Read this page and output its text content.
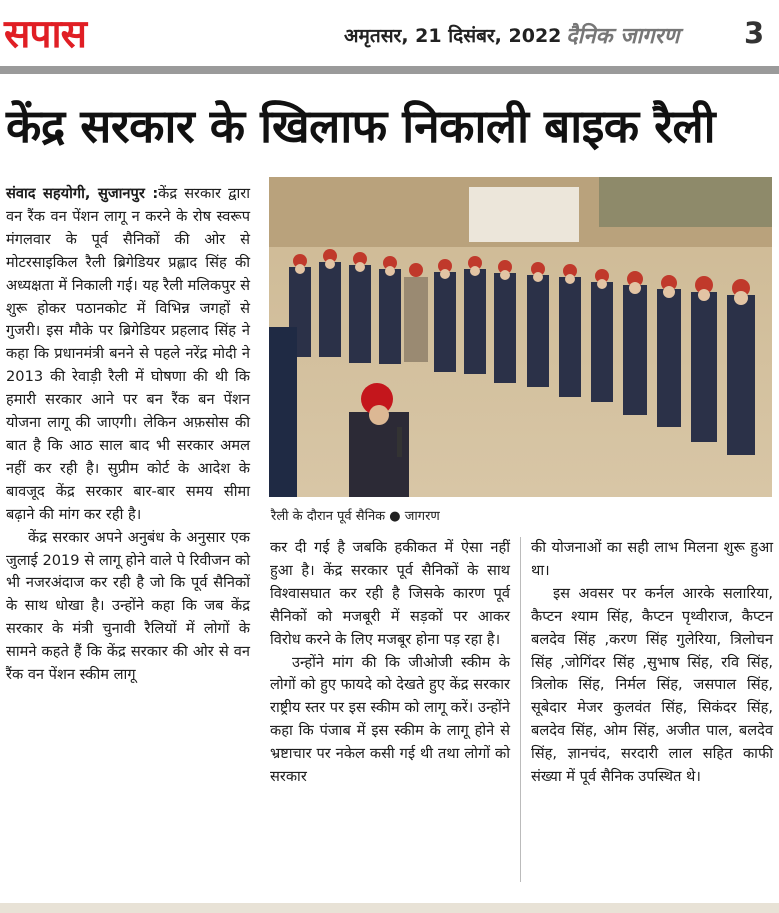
सपास	अमृतसर, 21 दिसंबर, 2022 दैनिक जागरण 3
केंद्र सरकार के खिलाफ निकाली बाइक रैली

संवाद सहयोगी, सुजानपुर :केंद्र सरकार द्वारा वन रैंक वन पेंशन लागू न करने के रोष स्वरूप मंगलवार के पूर्व सैनिकों की ओर से मोटरसाइकिल रैली ब्रिगेडियर प्रह्लाद सिंह की अध्यक्षता में निकाली गई। यह रैली मलिकपुर से शुरू होकर पठानकोट में विभिन्न जगहों से गुजरी। इस मौके पर ब्रिगेडियर प्रहलाद सिंह ने कहा कि प्रधानमंत्री बनने से पहले नरेंद्र मोदी ने 2013 की रेवाड़ी रैली में घोषणा की थी कि हमारी सरकार आने पर बन रैंक बन पेंशन योजना लागू की जाएगी। लेकिन अफ़सोस की बात है कि आठ साल बाद भी सरकार अमल नहीं कर रही है। सुप्रीम कोर्ट के आदेश के बावजूद केंद्र सरकार बार-बार समय सीमा बढ़ाने की मांग कर रही है।

केंद्र सरकार अपने अनुबंध के अनुसार एक जुलाई 2019 से लागू होने वाले पे रिवीजन को भी नजरअंदाज कर रही है जो कि पूर्व सैनिकों के साथ धोखा है। उन्होंने कहा कि जब केंद्र सरकार के मंत्री चुनावी रैलियों में लोगों के सामने कहते हैं कि केंद्र सरकार की ओर से वन रैंक वन पेंशन स्कीम लागू

रैली के दौरान पूर्व सैनिक ● जागरण

कर दी गई है जबकि हकीकत में ऐसा नहीं हुआ है। केंद्र सरकार पूर्व सैनिकों के साथ विश्वासघात कर रही है जिसके कारण पूर्व सैनिकों को मजबूरी में सड़कों पर आकर विरोध करने के लिए मजबूर होना पड़ रहा है।

उन्होंने मांग की कि जीओजी स्कीम के लोगों को हुए फायदे को देखते हुए केंद्र सरकार राष्ट्रीय स्तर पर इस स्कीम को लागू करें। उन्होंने कहा कि पंजाब में इस स्कीम के लागू होने से भ्रष्टाचार पर नकेल कसी गई थी तथा लोगों को सरकार

की योजनाओं का सही लाभ मिलना शुरू हुआ था।

इस अवसर पर कर्नल आरके सलारिया, कैप्टन श्याम सिंह, कैप्टन पृथ्वीराज, कैप्टन बलदेव सिंह ,करण सिंह गुलेरिया, त्रिलोचन सिंह ,जोगिंदर सिंह ,सुभाष सिंह, रवि सिंह, त्रिलोक सिंह, निर्मल सिंह, जसपाल सिंह, सूबेदार मेजर कुलवंत सिंह, सिकंदर सिंह, बलदेव सिंह, ओम सिंह, अजीत पाल, बलदेव सिंह, ज्ञानचंद, सरदारी लाल सहित काफी संख्या में पूर्व सैनिक उपस्थित थे।
